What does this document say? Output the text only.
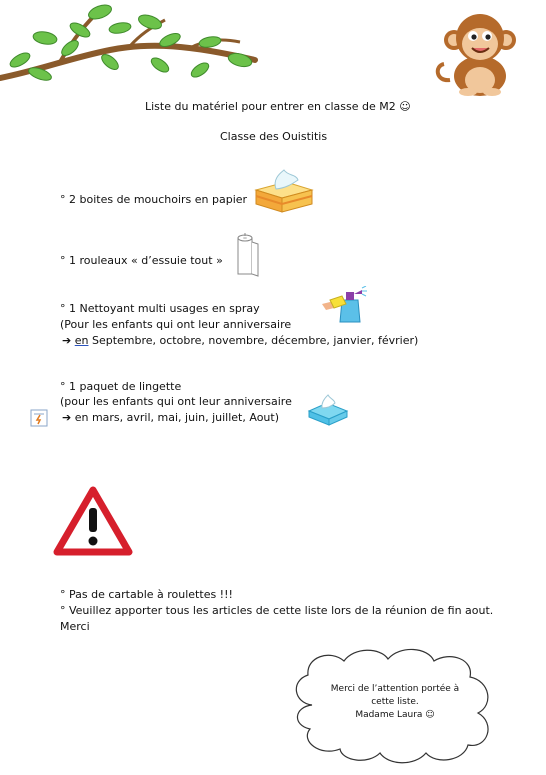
Liste du matériel pour entrer en classe de M2 ☺
Classe des Ouistitis
° 2 boites de mouchoirs en papier
° 1 rouleaux « d’essuie tout »
° 1 Nettoyant multi usages en spray
(Pour les enfants qui ont leur anniversaire
➔ en Septembre, octobre, novembre, décembre, janvier, février)
° 1 paquet de lingette
(pour les enfants qui ont leur anniversaire
➔ en mars, avril, mai, juin, juillet, Aout)
° Pas de cartable à roulettes !!!
° Veuillez apporter tous les articles de cette liste lors de la réunion de fin aout.
Merci
Merci de l’attention portée à
cette liste.
Madame Laura ☺
